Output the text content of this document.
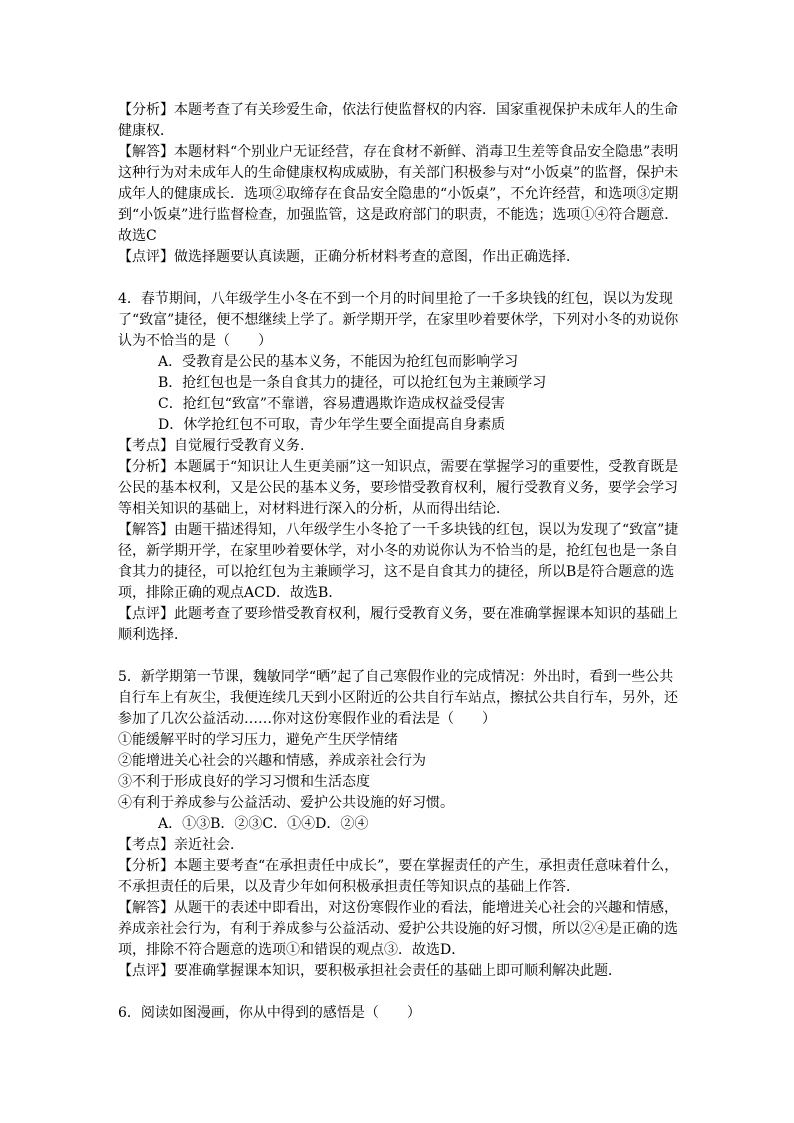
【分析】本题考查了有关珍爱生命，依法行使监督权的内容．国家重视保护未成年人的生命健康权．

【解答】本题材料“个别业户无证经营，存在食材不新鲜、消毒卫生差等食品安全隐患”表明这种行为对未成年人的生命健康权构成威胁，有关部门积极参与对“小饭桌”的监督，保护未成年人的健康成长．选项②取缔存在食品安全隐患的“小饭桌”，不允许经营，和选项③定期到“小饭桌”进行监督检查，加强监管，这是政府部门的职责，不能选；选项①④符合题意．故选C

【点评】做选择题要认真读题，正确分析材料考查的意图，作出正确选择．

4．春节期间，八年级学生小冬在不到一个月的时间里抢了一千多块钱的红包，误以为发现了“致富”捷径，便不想继续上学了。新学期开学，在家里吵着要休学，下列对小冬的劝说你认为不恰当的是（　　）

A．受教育是公民的基本义务，不能因为抢红包而影响学习

B．抢红包也是一条自食其力的捷径，可以抢红包为主兼顾学习

C．抢红包“致富”不靠谱，容易遭遇欺诈造成权益受侵害

D．休学抢红包不可取，青少年学生要全面提高自身素质

【考点】自觉履行受教育义务．

【分析】本题属于“知识让人生更美丽”这一知识点，需要在掌握学习的重要性，受教育既是公民的基本权利，又是公民的基本义务，要珍惜受教育权利，履行受教育义务，要学会学习等相关知识的基础上，对材料进行深入的分析，从而得出结论．

【解答】由题干描述得知，八年级学生小冬抢了一千多块钱的红包，误以为发现了“致富”捷径，新学期开学，在家里吵着要休学，对小冬的劝说你认为不恰当的是，抢红包也是一条自食其力的捷径，可以抢红包为主兼顾学习，这不是自食其力的捷径，所以B是符合题意的选项，排除正确的观点ACD．故选B．

【点评】此题考查了要珍惜受教育权利，履行受教育义务，要在准确掌握课本知识的基础上顺利选择．

5．新学期第一节课，魏敏同学“晒”起了自己寒假作业的完成情况：外出时，看到一些公共自行车上有灰尘，我便连续几天到小区附近的公共自行车站点，擦拭公共自行车，另外，还参加了几次公益活动……你对这份寒假作业的看法是（　　）

①能缓解平时的学习压力，避免产生厌学情绪

②能增进关心社会的兴趣和情感，养成亲社会行为

③不利于形成良好的学习习惯和生活态度

④有利于养成参与公益活动、爱护公共设施的好习惯。

A．①③B．②③C．①④D．②④

【考点】亲近社会．

【分析】本题主要考查“在承担责任中成长”，要在掌握责任的产生，承担责任意味着什么，不承担责任的后果，以及青少年如何积极承担责任等知识点的基础上作答．

【解答】从题干的表述中即看出，对这份寒假作业的看法，能增进关心社会的兴趣和情感，养成亲社会行为，有利于养成参与公益活动、爱护公共设施的好习惯，所以②④是正确的选项，排除不符合题意的选项①和错误的观点③．故选D．

【点评】要准确掌握课本知识，要积极承担社会责任的基础上即可顺利解决此题．

6．阅读如图漫画，你从中得到的感悟是（　　）
